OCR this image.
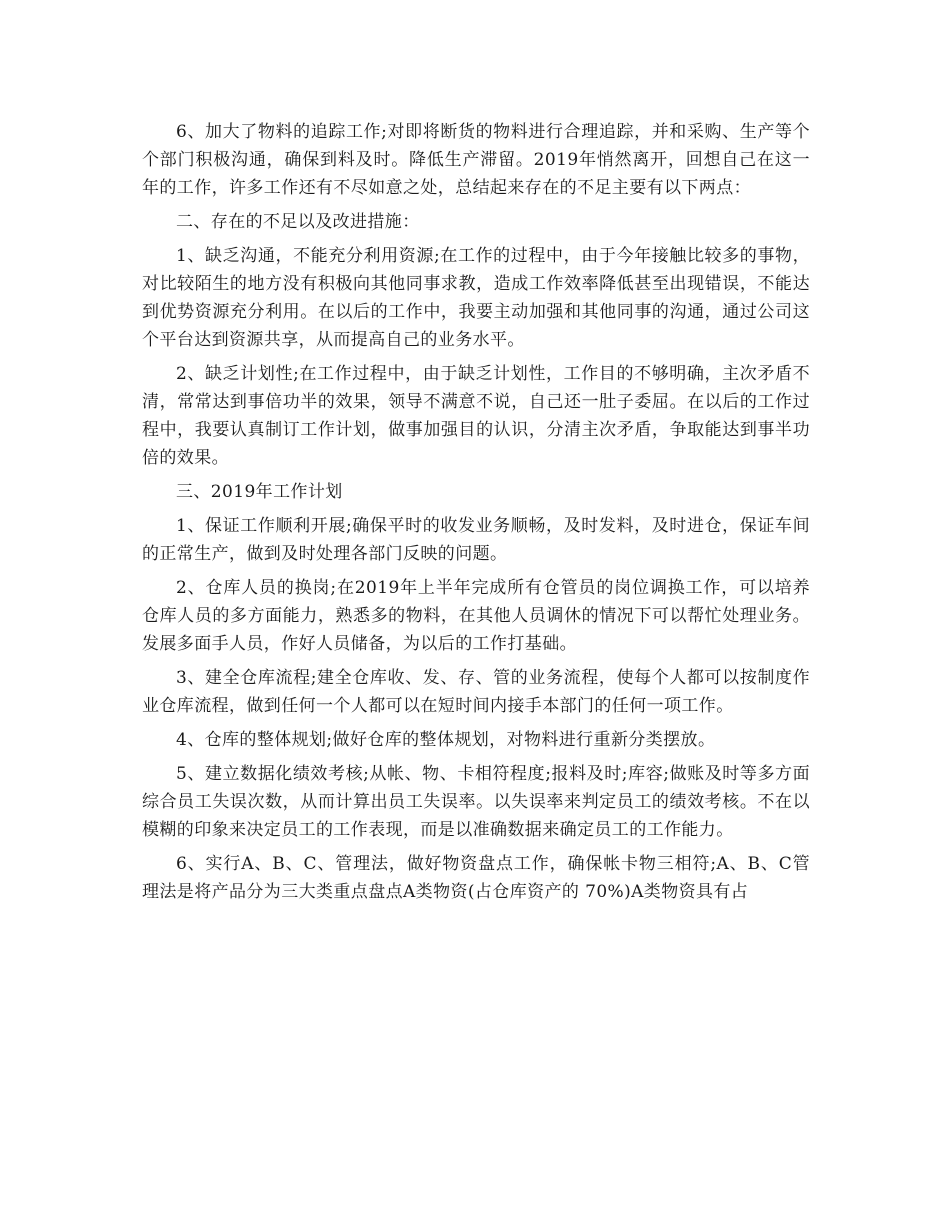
6、加大了物料的追踪工作;对即将断货的物料进行合理追踪，并和采购、生产等个个部门积极沟通，确保到料及时。降低生产滞留。2019年悄然离开，回想自己在这一年的工作，许多工作还有不尽如意之处，总结起来存在的不足主要有以下两点：

二、存在的不足以及改进措施：

1、缺乏沟通，不能充分利用资源;在工作的过程中，由于今年接触比较多的事物，对比较陌生的地方没有积极向其他同事求教，造成工作效率降低甚至出现错误，不能达到优势资源充分利用。在以后的工作中，我要主动加强和其他同事的沟通，通过公司这个平台达到资源共享，从而提高自己的业务水平。

2、缺乏计划性;在工作过程中，由于缺乏计划性，工作目的不够明确，主次矛盾不清，常常达到事倍功半的效果，领导不满意不说，自己还一肚子委屈。在以后的工作过程中，我要认真制订工作计划，做事加强目的认识，分清主次矛盾，争取能达到事半功倍的效果。

三、2019年工作计划

1、保证工作顺利开展;确保平时的收发业务顺畅，及时发料，及时进仓，保证车间的正常生产，做到及时处理各部门反映的问题。

2、仓库人员的换岗;在2019年上半年完成所有仓管员的岗位调换工作，可以培养仓库人员的多方面能力，熟悉多的物料，在其他人员调休的情况下可以帮忙处理业务。发展多面手人员，作好人员储备，为以后的工作打基础。

3、建全仓库流程;建全仓库收、发、存、管的业务流程，使每个人都可以按制度作业仓库流程，做到任何一个人都可以在短时间内接手本部门的任何一项工作。

4、仓库的整体规划;做好仓库的整体规划，对物料进行重新分类摆放。

5、建立数据化绩效考核;从帐、物、卡相符程度;报料及时;库容;做账及时等多方面综合员工失误次数，从而计算出员工失误率。以失误率来判定员工的绩效考核。不在以模糊的印象来决定员工的工作表现，而是以准确数据来确定员工的工作能力。

6、实行A、B、C、管理法，做好物资盘点工作，确保帐卡物三相符;A、B、C管理法是将产品分为三大类重点盘点A类物资(占仓库资产的 70%)A类物资具有占
